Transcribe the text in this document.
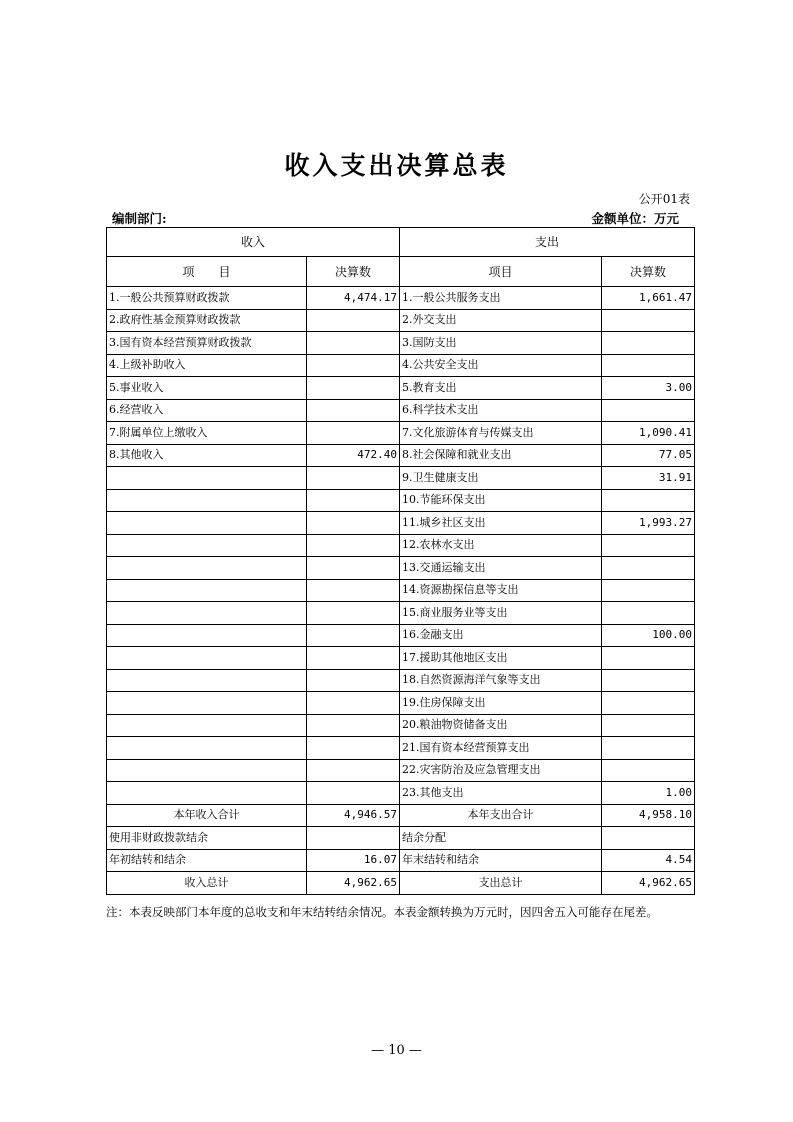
收入支出决算总表
公开01表
编制部门:	金额单位：万元
收入		支出	
项　　目	决算数	项目	决算数
1.一般公共预算财政拨款	4,474.17	1.一般公共服务支出	1,661.47
2.政府性基金预算财政拨款		2.外交支出	
3.国有资本经营预算财政拨款		3.国防支出	
4.上级补助收入		4.公共安全支出	
5.事业收入		5.教育支出	3.00
6.经营收入		6.科学技术支出	
7.附属单位上缴收入		7.文化旅游体育与传媒支出	1,090.41
8.其他收入	472.40	8.社会保障和就业支出	77.05
		9.卫生健康支出	31.91
		10.节能环保支出	
		11.城乡社区支出	1,993.27
		12.农林水支出	
		13.交通运输支出	
		14.资源勘探信息等支出	
		15.商业服务业等支出	
		16.金融支出	100.00
		17.援助其他地区支出	
		18.自然资源海洋气象等支出	
		19.住房保障支出	
		20.粮油物资储备支出	
		21.国有资本经营预算支出	
		22.灾害防治及应急管理支出	
		23.其他支出	1.00
本年收入合计	4,946.57	本年支出合计	4,958.10
使用非财政拨款结余		结余分配	
年初结转和结余	16.07	年末结转和结余	4.54
收入总计	4,962.65	支出总计	4,962.65
注：本表反映部门本年度的总收支和年末结转结余情况。本表金额转换为万元时，因四舍五入可能存在尾差。
— 10 —
